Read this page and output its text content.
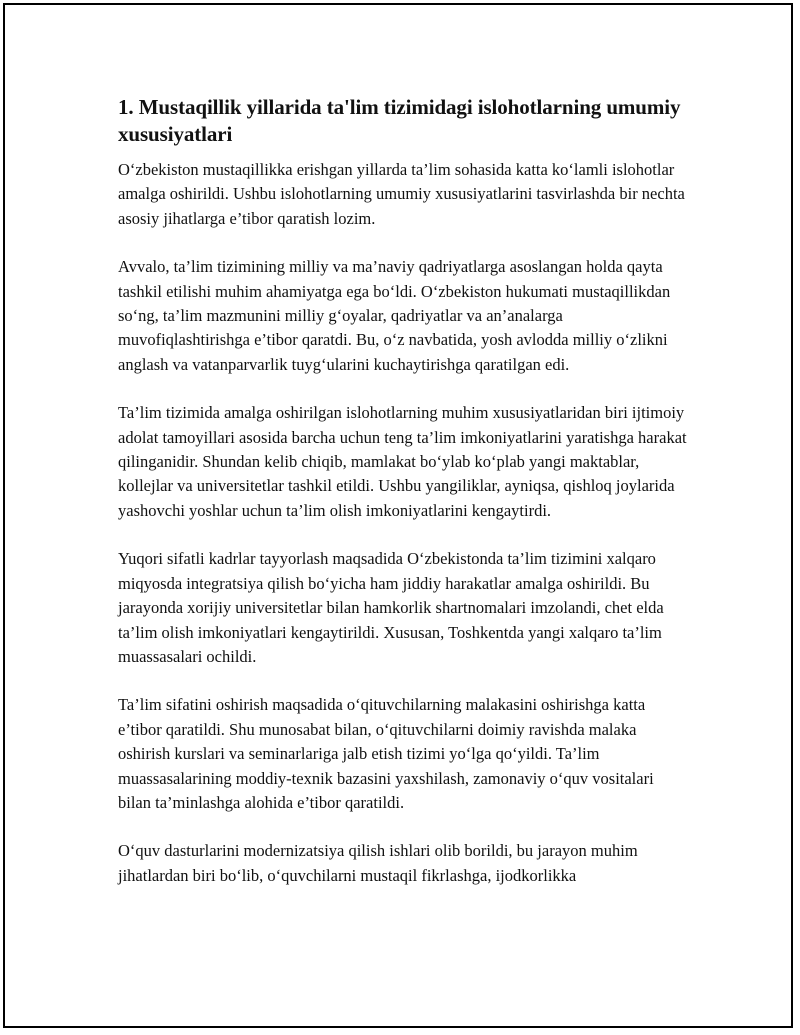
1. Mustaqillik yillarida ta'lim tizimidagi islohotlarning umumiy xususiyatlari

O‘zbekiston mustaqillikka erishgan yillarda ta’lim sohasida katta ko‘lamli islohotlar amalga oshirildi. Ushbu islohotlarning umumiy xususiyatlarini tasvirlashda bir nechta asosiy jihatlarga e’tibor qaratish lozim.

Avvalo, ta’lim tizimining milliy va ma’naviy qadriyatlarga asoslangan holda qayta tashkil etilishi muhim ahamiyatga ega bo‘ldi. O‘zbekiston hukumati mustaqillikdan so‘ng, ta’lim mazmunini milliy g‘oyalar, qadriyatlar va an’analarga muvofiqlashtirishga e’tibor qaratdi. Bu, o‘z navbatida, yosh avlodda milliy o‘zlikni anglash va vatanparvarlik tuyg‘ularini kuchaytirishga qaratilgan edi.

Ta’lim tizimida amalga oshirilgan islohotlarning muhim xususiyatlaridan biri ijtimoiy adolat tamoyillari asosida barcha uchun teng ta’lim imkoniyatlarini yaratishga harakat qilinganidir. Shundan kelib chiqib, mamlakat bo‘ylab ko‘plab yangi maktablar, kollejlar va universitetlar tashkil etildi. Ushbu yangiliklar, ayniqsa, qishloq joylarida yashovchi yoshlar uchun ta’lim olish imkoniyatlarini kengaytirdi.

Yuqori sifatli kadrlar tayyorlash maqsadida O‘zbekistonda ta’lim tizimini xalqaro miqyosda integratsiya qilish bo‘yicha ham jiddiy harakatlar amalga oshirildi. Bu jarayonda xorijiy universitetlar bilan hamkorlik shartnomalari imzolandi, chet elda ta’lim olish imkoniyatlari kengaytirildi. Xususan, Toshkentda yangi xalqaro ta’lim muassasalari ochildi.

Ta’lim sifatini oshirish maqsadida o‘qituvchilarning malakasini oshirishga katta e’tibor qaratildi. Shu munosabat bilan, o‘qituvchilarni doimiy ravishda malaka oshirish kurslari va seminarlariga jalb etish tizimi yo‘lga qo‘yildi. Ta’lim muassasalarining moddiy-texnik bazasini yaxshilash, zamonaviy o‘quv vositalari bilan ta’minlashga alohida e’tibor qaratildi.

O‘quv dasturlarini modernizatsiya qilish ishlari olib borildi, bu jarayon muhim jihatlardan biri bo‘lib, o‘quvchilarni mustaqil fikrlashga, ijodkorlikka
